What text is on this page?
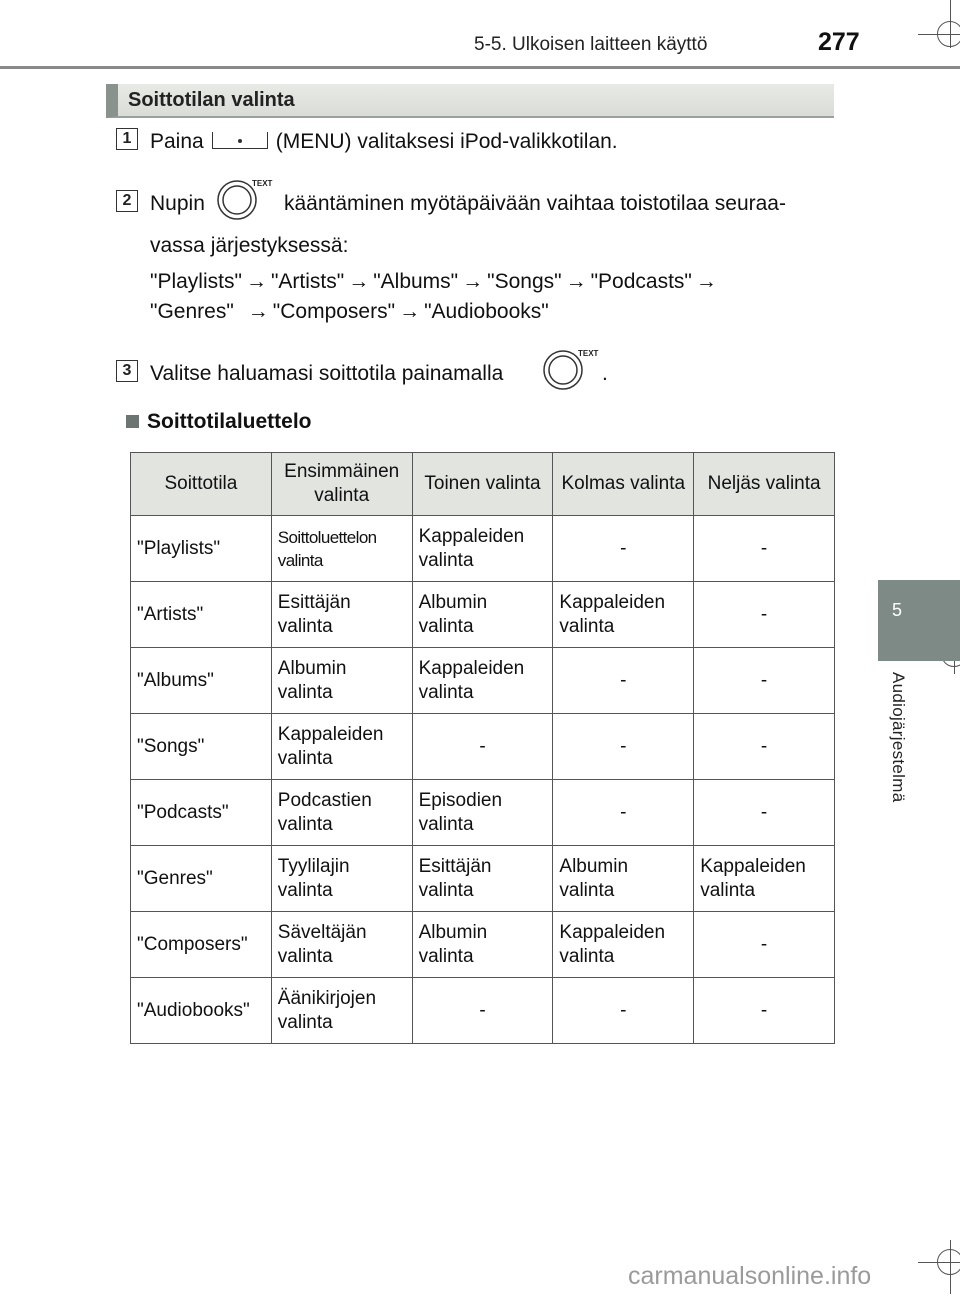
5-5. Ulkoisen laitteen käyttö	277
5
Audiojärjestelmä
Soittotilan valinta
1 Paina	(MENU) valitaksesi iPod-valikkotilan.
2 Nupin
TEXT
kääntäminen myötäpäivään vaihtaa toistotilaa seuraa-
vassa järjestyksessä:
"Playlists" → "Artists" → "Albums" → "Songs" → "Podcasts" →
"Genres" → "Composers" → "Audiobooks"
3 Valitse haluamasi soittotila painamalla
TEXT
.
Soittotilaluettelo
Soittotila	Ensimmäinen valinta	Toinen valinta	Kolmas valinta	Neljäs valinta
"Playlists"	Soittoluettelon valinta	Kappaleiden valinta	-	-
"Artists"	Esittäjän valinta	Albumin valinta	Kappaleiden valinta	-
"Albums"	Albumin valinta	Kappaleiden valinta	-	-
"Songs"	Kappaleiden valinta	-	-	-
"Podcasts"	Podcastien valinta	Episodien valinta	-	-
"Genres"	Tyylilajin valinta	Esittäjän valinta	Albumin valinta	Kappaleiden valinta
"Composers"	Säveltäjän valinta	Albumin valinta	Kappaleiden valinta	-
"Audiobooks"	Äänikirjojen valinta	-	-	-
carmanualsonline.info
